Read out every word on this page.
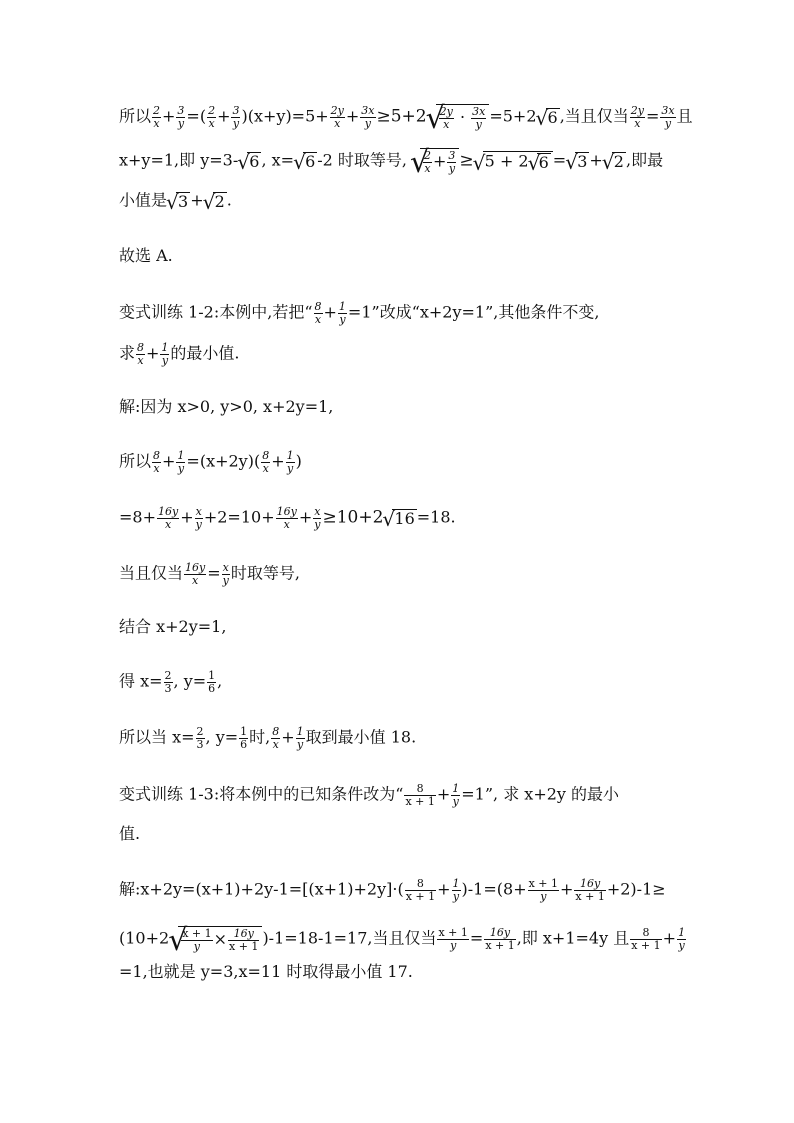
所以 $\frac{2}{x} + \frac{3}{y}$ =( $\frac{2}{x} + \frac{3}{y} )(x+y)=5+ \frac{2y}{x} + \frac{3x}{y} \ge 5+2$
√ $\frac{2y}{x} \cdot \frac{3x}{y} =5+2√$ 6 ,当且仅当 $\frac{2y}{x} = \frac{3x}{y}$ 且
x+y=1,即 y=3-√ 6 , x=√ 6 -2 时取等号,
√ $\frac{2}{x} + \frac{3}{y}$ ≥√ 5 + 2√ 6 =√ 3 +√ 2 ,即最
小值是√ 3 +√ 2 .
故选 A.
变式训练 1-2:本例中,若把“ $\frac{8}{x} + \frac{1}{y} =1$”改成“x+2y=1”,其他条件不变,
求 $\frac{8}{x} + \frac{1}{y}$ 的最小值.
解:因为 x>0, y>0, x+2y=1,
所以 $\frac{8}{x} + \frac{1}{y} =(x+2y)( \frac{8}{x} + \frac{1}{y}$ )
$=8+ \frac{16y}{x} + \frac{x}{y} +2=10+ \frac{16y}{x} + \frac{x}{y} \ge 10+2√$ 16 =18.
当且仅当 $\frac{16y}{x} = \frac{x}{y}$ 时取等号,
结合 x+2y=1,
得 $x= \frac{2}{3}$ , $y= \frac{1}{6}$ ,
所以当 $x= \frac{2}{3}$ , $y= \frac{1}{6}$ 时, $\frac{8}{x} + \frac{1}{y}$ 取到最小值 18.
变式训练 1-3:将本例中的已知条件改为“ $\frac{8}{x + 1} + \frac{1}{y} =1$”, 求 x+2y 的最小
值.
解:x+2y=(x+1)+2y-1=[(x+1)+2y]·( $\frac{8}{x + 1} + \frac{1}{y} )-1=(8+ \frac{x + 1}{y} + \frac{16y}{x + 1} +2)-1\ge$
(10+2
√ $\frac{x + 1}{y} \times \frac{16y}{x + 1} )-1=18-1=17$,当且仅当 $\frac{x + 1}{y} = \frac{16y}{x + 1}$ ,即 x+1=4y 且 $\frac{8}{x + 1} + \frac{1}{y}$
=1,也就是 y=3,x=11 时取得最小值 17.
